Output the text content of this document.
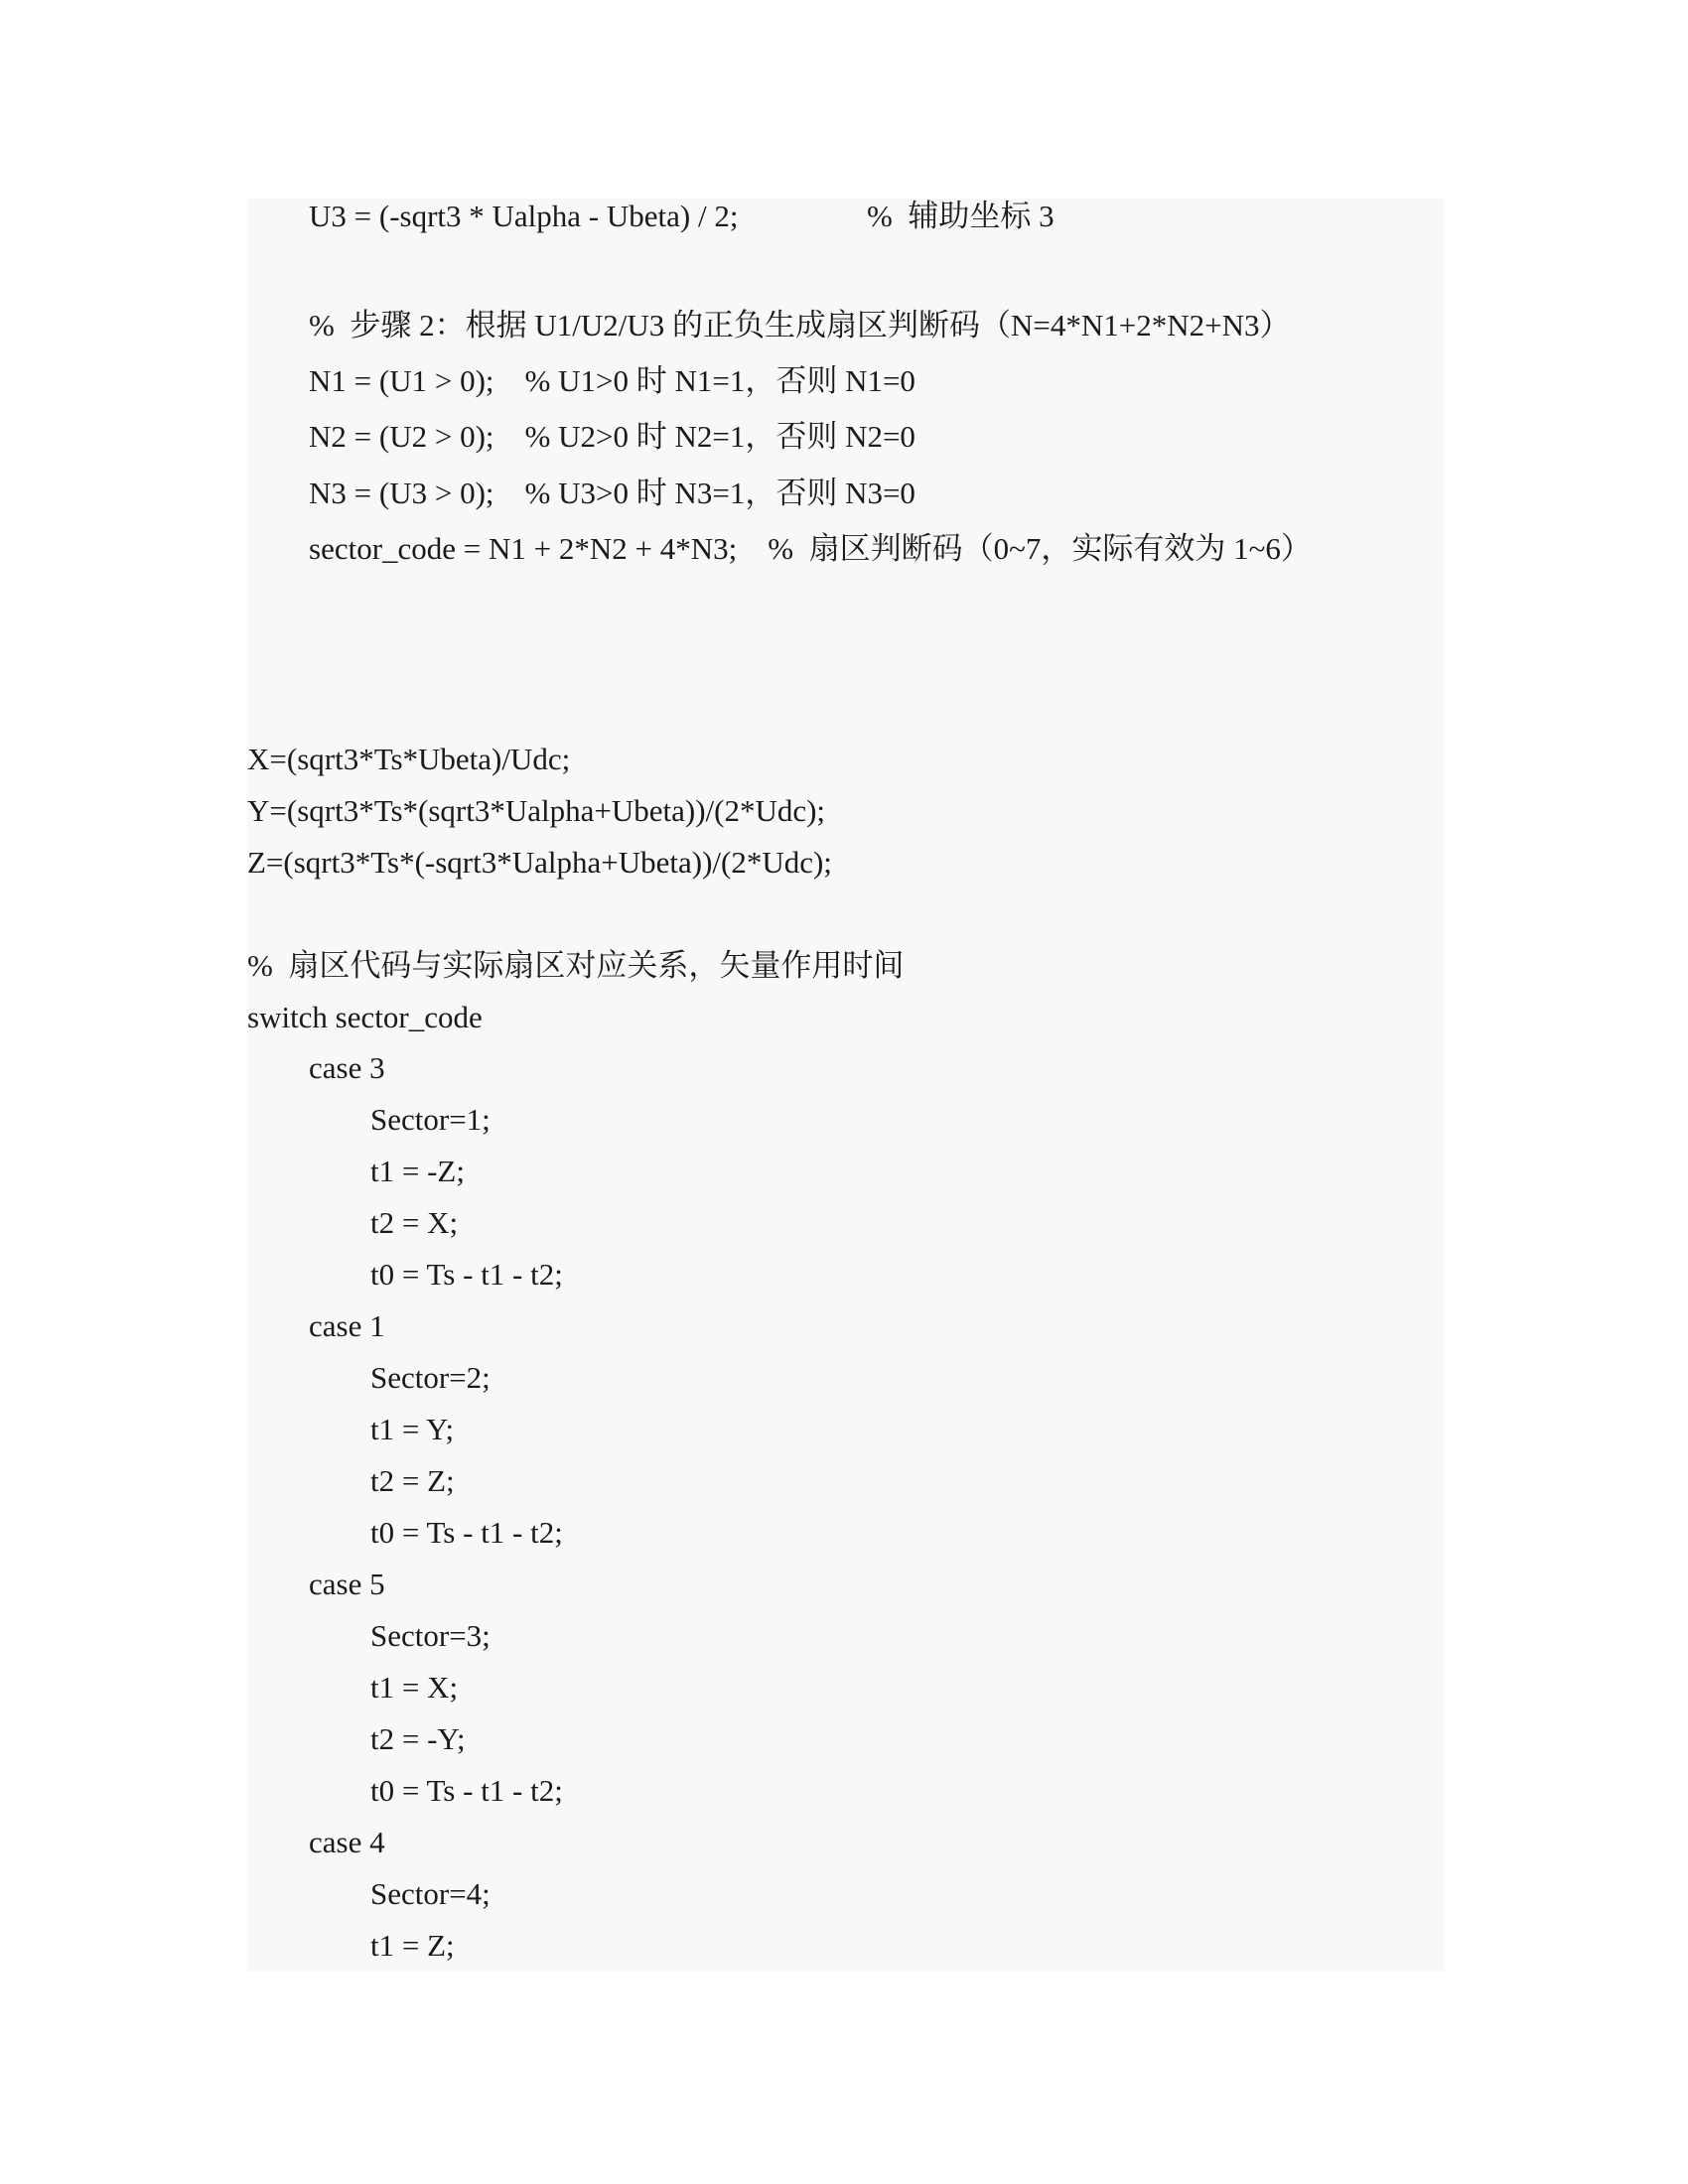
U3 = (-sqrt3 * Ualpha - Ubeta) / 2;	%  辅助坐标 3
%  步骤 2：根据 U1/U2/U3 的正负生成扇区判断码（N=4*N1+2*N2+N3）
N1 = (U1 > 0);    % U1>0 时 N1=1，否则 N1=0
N2 = (U2 > 0);    % U2>0 时 N2=1，否则 N2=0
N3 = (U3 > 0);    % U3>0 时 N3=1，否则 N3=0
sector_code = N1 + 2*N2 + 4*N3;    %  扇区判断码（0~7，实际有效为 1~6）
X=(sqrt3*Ts*Ubeta)/Udc;
Y=(sqrt3*Ts*(sqrt3*Ualpha+Ubeta))/(2*Udc);
Z=(sqrt3*Ts*(-sqrt3*Ualpha+Ubeta))/(2*Udc);
%  扇区代码与实际扇区对应关系，矢量作用时间
switch sector_code
case 3
Sector=1;
t1 = -Z;
t2 = X;
t0 = Ts - t1 - t2;
case 1
Sector=2;
t1 = Y;
t2 = Z;
t0 = Ts - t1 - t2;
case 5
Sector=3;
t1 = X;
t2 = -Y;
t0 = Ts - t1 - t2;
case 4
Sector=4;
t1 = Z;
